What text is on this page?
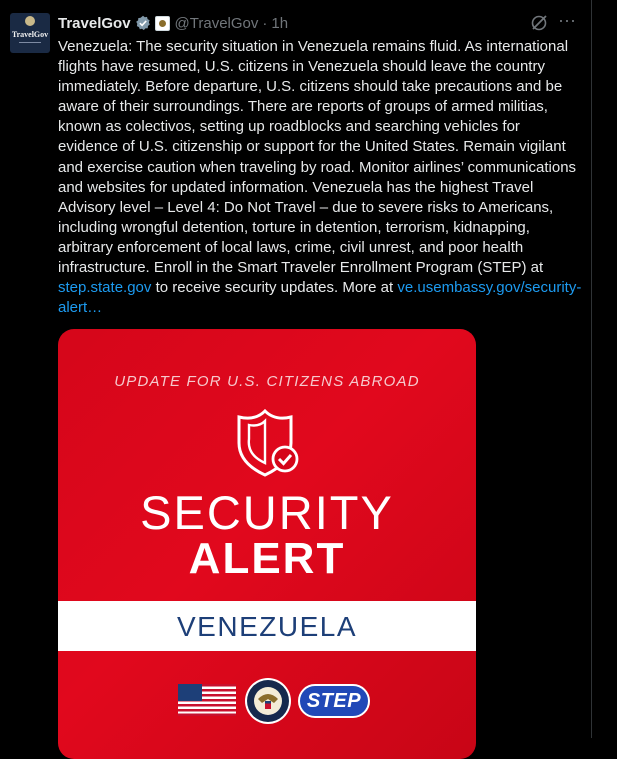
TravelGov
TravelGov	@TravelGov · 1h	···
Venezuela: The security situation in Venezuela remains fluid. As international flights have resumed, U.S. citizens in Venezuela should leave the country immediately. Before departure, U.S. citizens should take precautions and be aware of their surroundings. There are reports of groups of armed militias, known as colectivos, setting up roadblocks and searching vehicles for evidence of U.S. citizenship or support for the United States. Remain vigilant and exercise caution when traveling by road. Monitor airlines’ communications and websites for updated information. Venezuela has the highest Travel Advisory level – Level 4: Do Not Travel – due to severe risks to Americans, including wrongful detention, torture in detention, terrorism, kidnapping, arbitrary enforcement of local laws, crime, civil unrest, and poor health infrastructure. Enroll in the Smart Traveler Enrollment Program (STEP) at step.state.gov to receive security updates. More at ve.usembassy.gov/security-alert…
UPDATE FOR U.S. CITIZENS ABROAD
SECURITY
ALERT
VENEZUELA
STEP
